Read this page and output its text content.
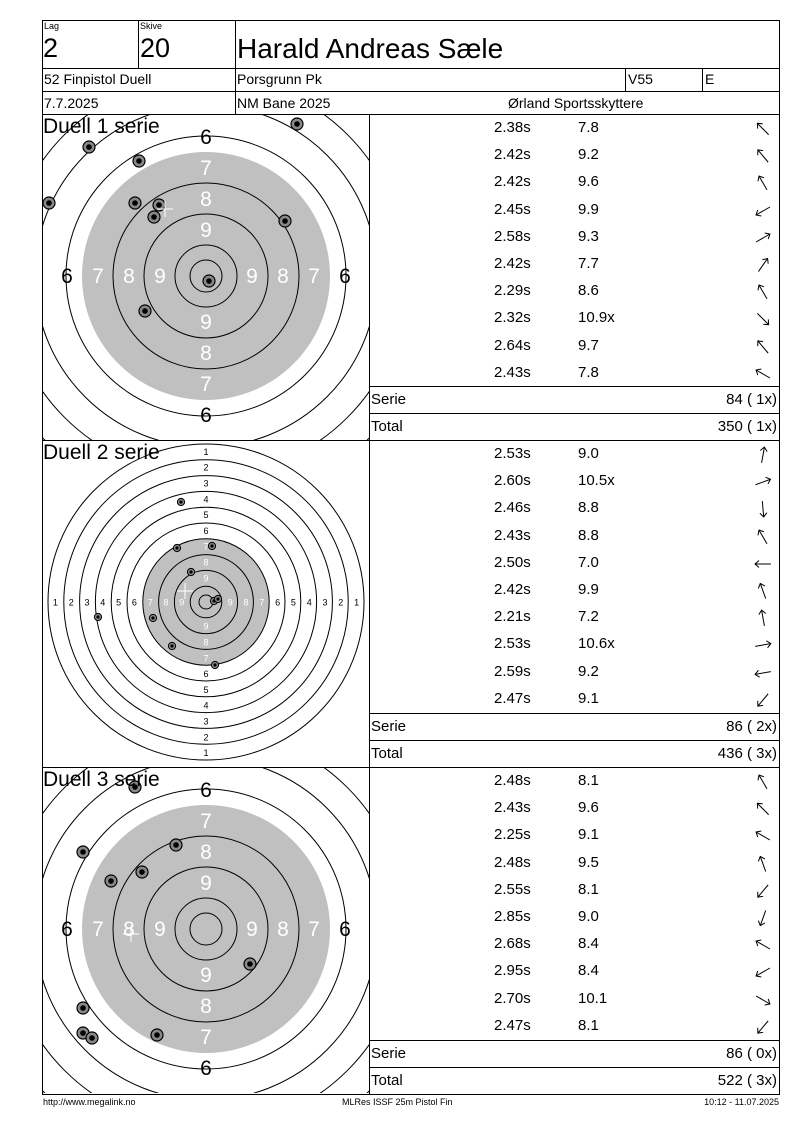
Lag
2
Skive
20 Harald Andreas Sæle
52 Finpistol Duell	Porsgrunn Pk	V55	E
7.7.2025	NM Bane 2025	Ørland Sportsskyttere
6
6
6	6
7
7
7	7
8
8
8	8
9
9
9	9
Duell 1 serie
Serie	84 ( 1x)
Total	350 ( 1x)
1
1
1	1
2
2
2	2
3
3
3	3
4
4
4	4
5
5
5	5
6
6
6	6
7
7
7	7
8
8
8	8
9
9
9	9
Duell 2 serie
Serie	86 ( 2x)
Total	436 ( 3x)
6
6
6	6
7
7
7	7
8
8
8	8
9
9
9	9
Duell 3 serie
Serie	86 ( 0x)
Total	522 ( 3x)
http://www.megalink.no	MLRes ISSF 25m Pistol Fin	10:12 - 11.07.2025
2.38s	7.8
2.42s	9.2
2.42s	9.6
2.45s	9.9
2.58s	9.3
2.42s	7.7
2.29s	8.6
2.32s	10.9x
2.64s	9.7
2.43s	7.8
2.53s	9.0
2.60s	10.5x
2.46s	8.8
2.43s	8.8
2.50s	7.0
2.42s	9.9
2.21s	7.2
2.53s	10.6x
2.59s	9.2
2.47s	9.1
2.48s	8.1
2.43s	9.6
2.25s	9.1
2.48s	9.5
2.55s	8.1
2.85s	9.0
2.68s	8.4
2.95s	8.4
2.70s	10.1
2.47s	8.1
